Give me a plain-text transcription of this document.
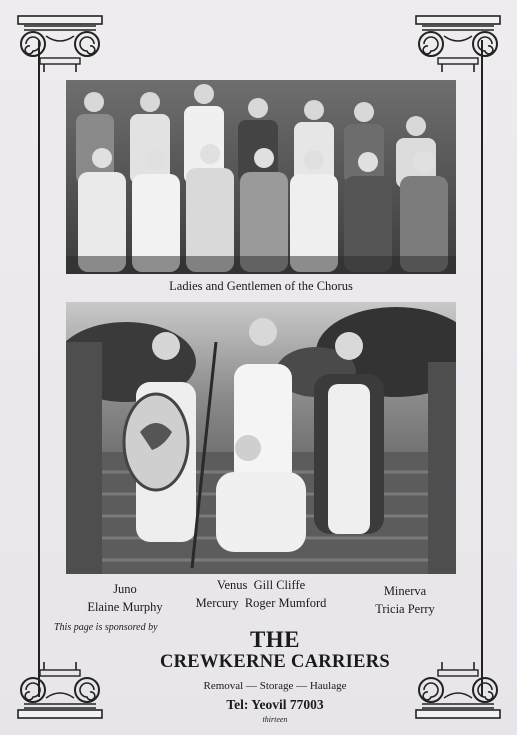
Ladies and Gentlemen of the Chorus
Juno
Elaine Murphy
Venus  Gill Cliffe
Mercury  Roger Mumford
Minerva
Tricia Perry
This page is sponsored by	THE
CREWKERNE CARRIERS
Removal — Storage — Haulage
Tel: Yeovil 77003
thirteen
